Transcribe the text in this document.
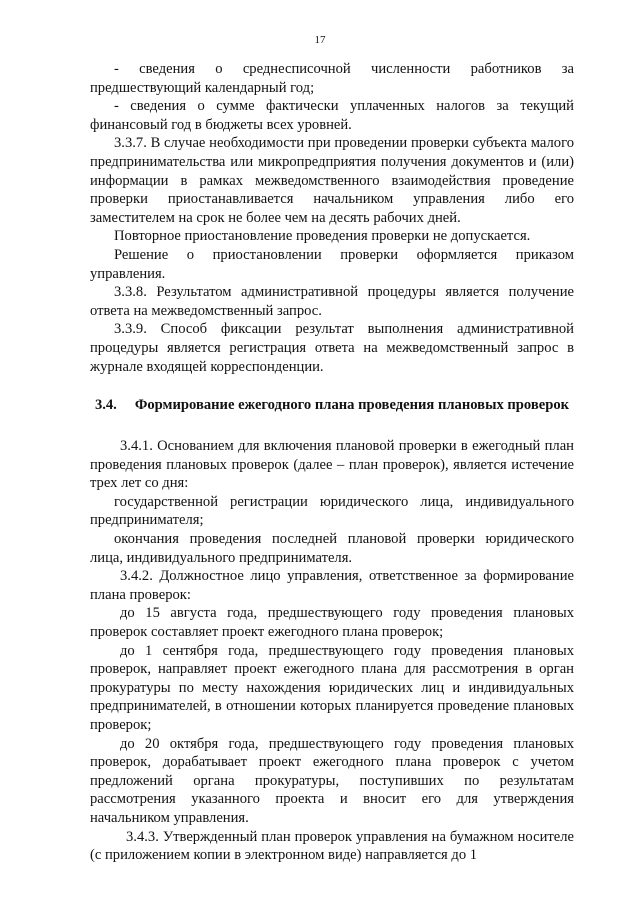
17

- сведения о среднесписочной численности работников за предшествующий календарный год;

- сведения о сумме фактически уплаченных налогов за текущий финансовый год в бюджеты всех уровней.

3.3.7. В случае необходимости при проведении проверки субъекта малого предпринимательства или микропредприятия получения документов и (или) информации в рамках межведомственного взаимодействия проведение проверки приостанавливается начальником управления либо его заместителем на срок не более чем на десять рабочих дней.

Повторное приостановление проведения проверки не допускается.

Решение о приостановлении проверки оформляется приказом управления.

3.3.8. Результатом административной процедуры является получение ответа на межведомственный запрос.

3.3.9. Способ фиксации результат выполнения административной процедуры является регистрация ответа на межведомственный запрос в журнале входящей корреспонденции.

3.4. Формирование ежегодного плана проведения плановых проверок

3.4.1. Основанием для включения плановой проверки в ежегодный план проведения плановых проверок (далее – план проверок), является истечение трех лет со дня:

государственной регистрации юридического лица, индивидуального предпринимателя;

окончания проведения последней плановой проверки юридического лица, индивидуального предпринимателя.

3.4.2. Должностное лицо управления, ответственное за формирование плана проверок:

до 15 августа года, предшествующего году проведения плановых проверок составляет проект ежегодного плана проверок;

до 1 сентября года, предшествующего году проведения плановых проверок, направляет проект ежегодного плана для рассмотрения в орган прокуратуры по месту нахождения юридических лиц и индивидуальных предпринимателей, в отношении которых планируется проведение плановых проверок;

до 20 октября года, предшествующего году проведения плановых проверок, дорабатывает проект ежегодного плана проверок с учетом предложений органа прокуратуры, поступивших по результатам рассмотрения указанного проекта и вносит его для утверждения начальником управления.

3.4.3. Утвержденный план проверок управления на бумажном носителе (с приложением копии в электронном виде) направляется до 1
